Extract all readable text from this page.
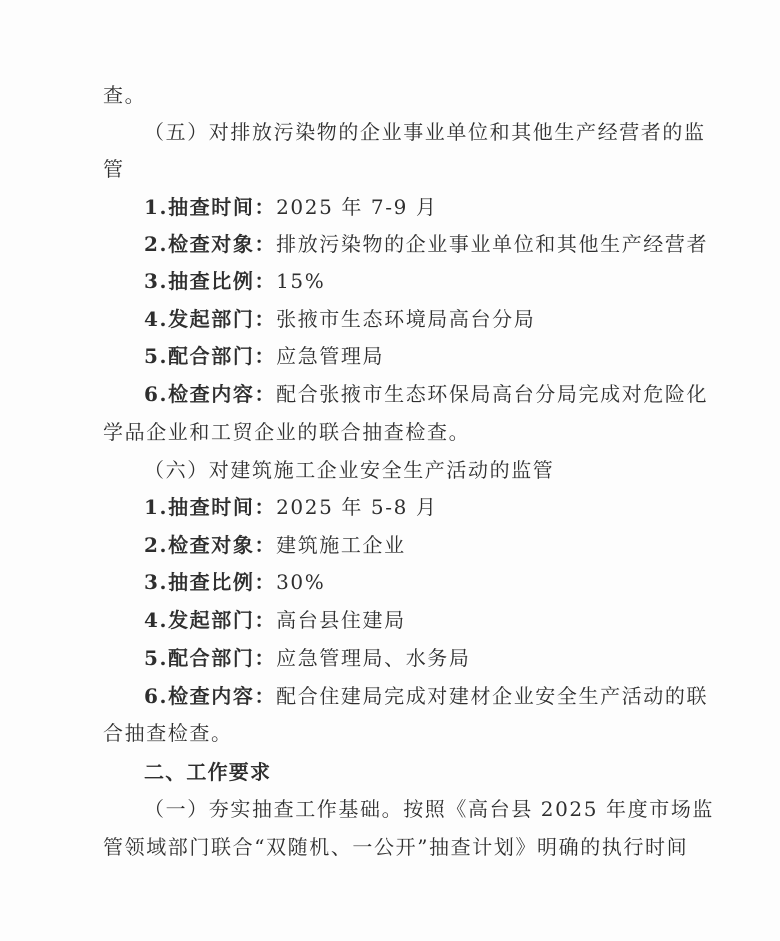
查。
（五）对排放污染物的企业事业单位和其他生产经营者的监
管
1.抽查时间：2025 年 7-9 月
2.检查对象：排放污染物的企业事业单位和其他生产经营者
3.抽查比例：15%
4.发起部门：张掖市生态环境局高台分局
5.配合部门：应急管理局
6.检查内容：配合张掖市生态环保局高台分局完成对危险化
学品企业和工贸企业的联合抽查检查。
（六）对建筑施工企业安全生产活动的监管
1.抽查时间：2025 年 5-8 月
2.检查对象：建筑施工企业
3.抽查比例：30%
4.发起部门：高台县住建局
5.配合部门：应急管理局、水务局
6.检查内容：配合住建局完成对建材企业安全生产活动的联
合抽查检查。
二、工作要求
（一）夯实抽查工作基础。按照《高台县 2025 年度市场监
管领域部门联合“双随机、一公开”抽查计划》明确的执行时间
